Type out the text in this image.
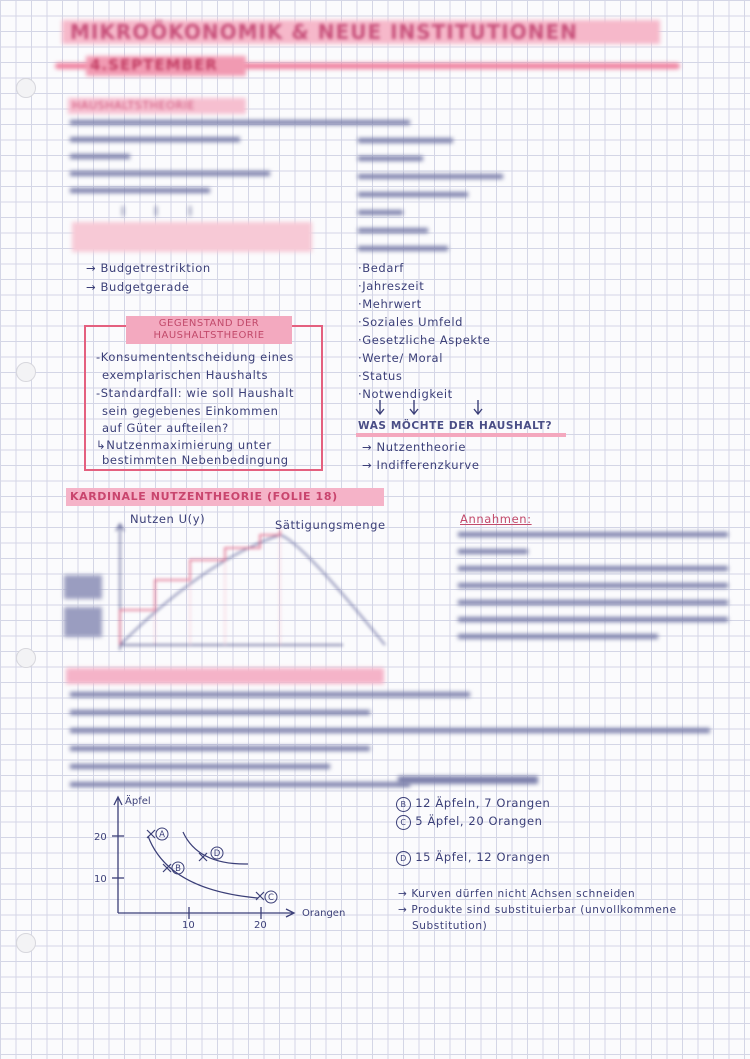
MIKROÖKONOMIK & NEUE INSTITUTIONEN
4.SEPTEMBER
HAUSHALTSTHEORIE
→ Budgetrestriktion
→ Budgetgerade
GEGENSTAND DER HAUSHALTSTHEORIE
-Konsumententscheidung eines
exemplarischen Haushalts
-Standardfall: wie soll Haushalt
sein gegebenes Einkommen
auf Güter aufteilen?
↳Nutzenmaximierung unter
bestimmten Nebenbedingung
·Bedarf
·Jahreszeit
·Mehrwert
·Soziales Umfeld
·Gesetzliche Aspekte
·Werte/ Moral
·Status
·Notwendigkeit
WAS MÖCHTE DER HAUSHALT?
→ Nutzentheorie
→ Indifferenzkurve
KARDINALE NUTZENTHEORIE (FOLIE 18)
Nutzen U(y)	Sättigungsmenge	Annahmen:
A
B
C
D
Äpfel
Orangen
20
10
10	20
B 12 Äpfeln, 7 Orangen
C 5 Äpfel, 20 Orangen
D 15 Äpfel, 12 Orangen
→ Kurven dürfen nicht Achsen schneiden
→ Produkte sind substituierbar (unvollkommene
Substitution)
